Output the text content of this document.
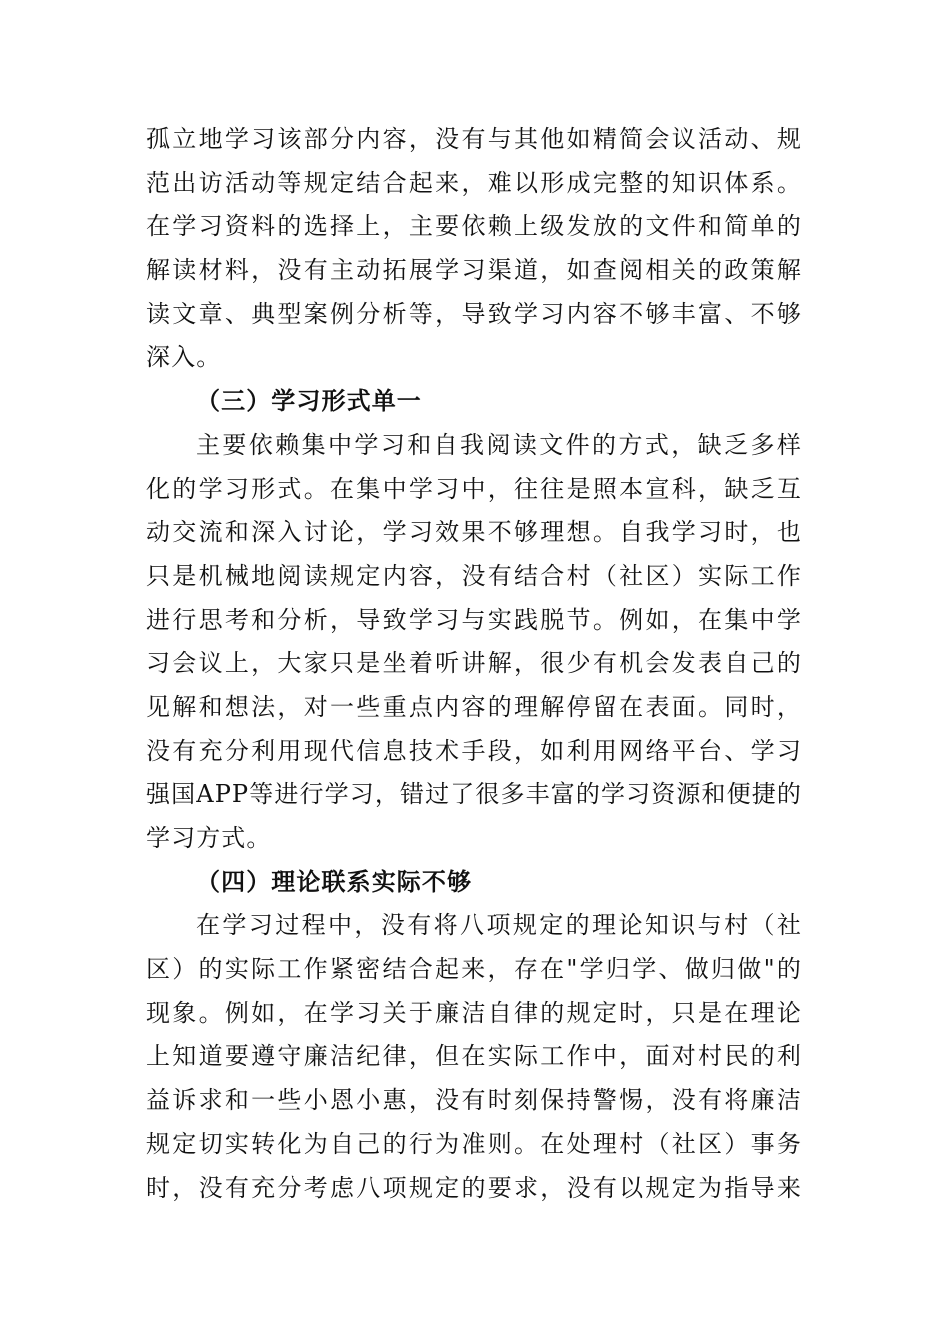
孤立地学习该部分内容，没有与其他如精简会议活动、规
范出访活动等规定结合起来，难以形成完整的知识体系。
在学习资料的选择上，主要依赖上级发放的文件和简单的
解读材料，没有主动拓展学习渠道，如查阅相关的政策解
读文章、典型案例分析等，导致学习内容不够丰富、不够
深入。
（三）学习形式单一
主要依赖集中学习和自我阅读文件的方式，缺乏多样
化的学习形式。在集中学习中，往往是照本宣科，缺乏互
动交流和深入讨论，学习效果不够理想。自我学习时，也
只是机械地阅读规定内容，没有结合村（社区）实际工作
进行思考和分析，导致学习与实践脱节。例如，在集中学
习会议上，大家只是坐着听讲解，很少有机会发表自己的
见解和想法，对一些重点内容的理解停留在表面。同时，
没有充分利用现代信息技术手段，如利用网络平台、学习
强国APP等进行学习，错过了很多丰富的学习资源和便捷的
学习方式。
（四）理论联系实际不够
在学习过程中，没有将八项规定的理论知识与村（社
区）的实际工作紧密结合起来，存在"学归学、做归做"的
现象。例如，在学习关于廉洁自律的规定时，只是在理论
上知道要遵守廉洁纪律，但在实际工作中，面对村民的利
益诉求和一些小恩小惠，没有时刻保持警惕，没有将廉洁
规定切实转化为自己的行为准则。在处理村（社区）事务
时，没有充分考虑八项规定的要求，没有以规定为指导来
